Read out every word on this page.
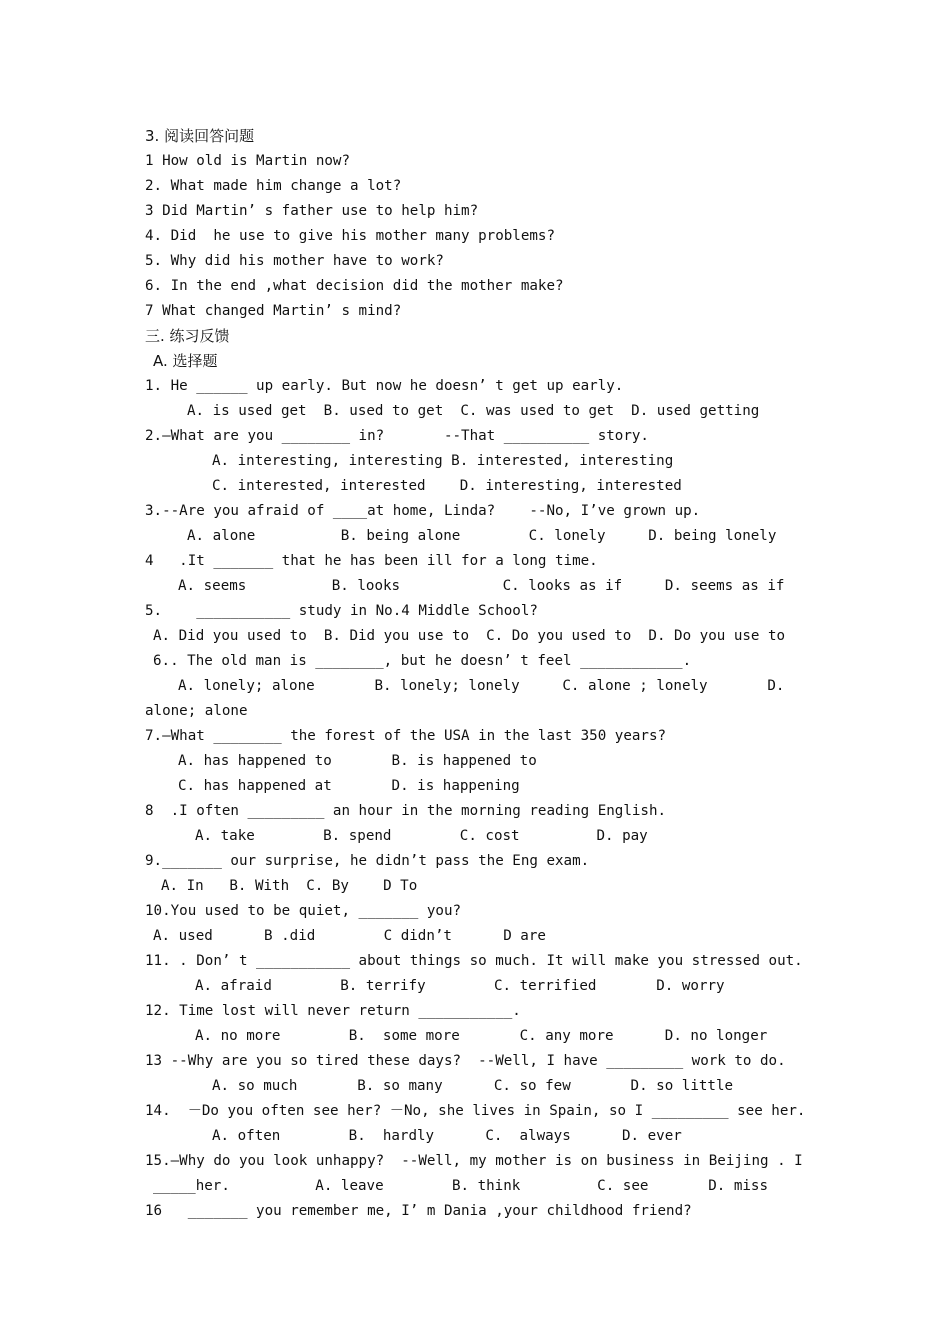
3. 阅读回答问题
1 How old is Martin now?
2. What made him change a lot?
3 Did Martin’ s father use to help him?
4. Did  he use to give his mother many problems?
5. Why did his mother have to work?
6. In the end ,what decision did the mother make?
7 What changed Martin’ s mind?
三. 练习反馈
A. 选择题
1. He ______ up early. But now he doesn’ t get up early.
A. is used get  B. used to get  C. was used to get  D. used getting
2.—What are you ________ in?       --That __________ story.
A. interesting, interesting B. interested, interesting
C. interested, interested    D. interesting, interested
3.--Are you afraid of ____at home, Linda?    --No, I’ve grown up.
A. alone          B. being alone        C. lonely     D. being lonely
4   .It _______ that he has been ill for a long time.
A. seems          B. looks            C. looks as if     D. seems as if
5.    ___________ study in No.4 Middle School?
A. Did you used to  B. Did you use to  C. Do you used to  D. Do you use to
6.. The old man is ________, but he doesn’ t feel ____________.
A. lonely; alone       B. lonely; lonely     C. alone ; lonely       D.
alone; alone
7.—What ________ the forest of the USA in the last 350 years?
A. has happened to       B. is happened to
C. has happened at       D. is happening
8  .I often _________ an hour in the morning reading English.
A. take        B. spend        C. cost         D. pay
9._______ our surprise, he didn’t pass the Eng exam.
A. In   B. With  C. By    D To
10.You used to be quiet, _______ you?
A. used      B .did        C didn’t      D are
11. . Don’ t ___________ about things so much. It will make you stressed out.
A. afraid        B. terrify        C. terrified       D. worry
12. Time lost will never return ___________.
A. no more        B.  some more       C. any more      D. no longer
13 --Why are you so tired these days?  --Well, I have _________ work to do.
A. so much       B. so many      C. so few       D. so little
14.  －Do you often see her? －No, she lives in Spain, so I _________ see her.
A. often        B.  hardly      C.  always      D. ever
15.—Why do you look unhappy?  --Well, my mother is on business in Beijing . I
_____her.          A. leave        B. think         C. see       D. miss
16   _______ you remember me, I’ m Dania ,your childhood friend?
